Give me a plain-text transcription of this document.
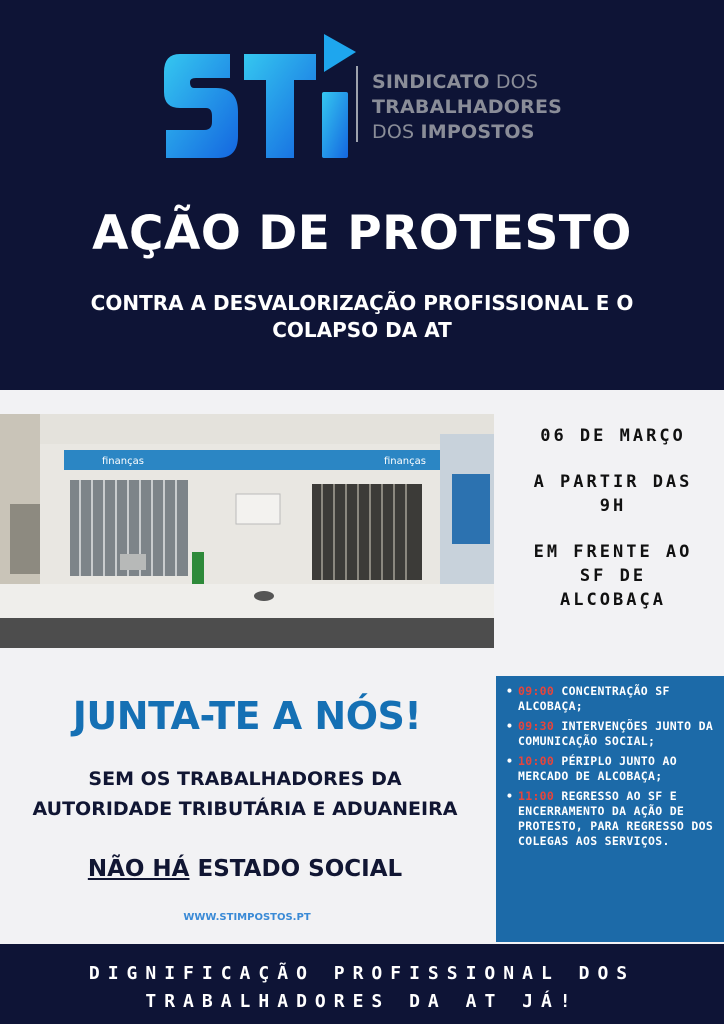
SINDICATO DOS
TRABALHADORES
DOS IMPOSTOS
AÇÃO DE PROTESTO
CONTRA A DESVALORIZAÇÃO PROFISSIONAL E O COLAPSO DA AT
finanças	finanças

06 DE MARÇO

A PARTIR DAS 9H

EM FRENTE AO SF DE ALCOBAÇA

JUNTA-TE A NÓS!
SEM OS TRABALHADORES DA AUTORIDADE TRIBUTÁRIA E ADUANEIRA
NÃO HÁ ESTADO SOCIAL
WWW.STIMPOSTOS.PT
• 09:00 CONCENTRAÇÃO SF ALCOBAÇA;
• 09:30 INTERVENÇÕES JUNTO DA COMUNICAÇÃO SOCIAL;
• 10:00 PÉRIPLO JUNTO AO MERCADO DE ALCOBAÇA;
• 11:00 REGRESSO AO SF E ENCERRAMENTO DA AÇÃO DE PROTESTO, PARA REGRESSO DOS COLEGAS AOS SERVIÇOS.
DIGNIFICAÇÃO PROFISSIONAL DOS TRABALHADORES DA AT JÁ!
